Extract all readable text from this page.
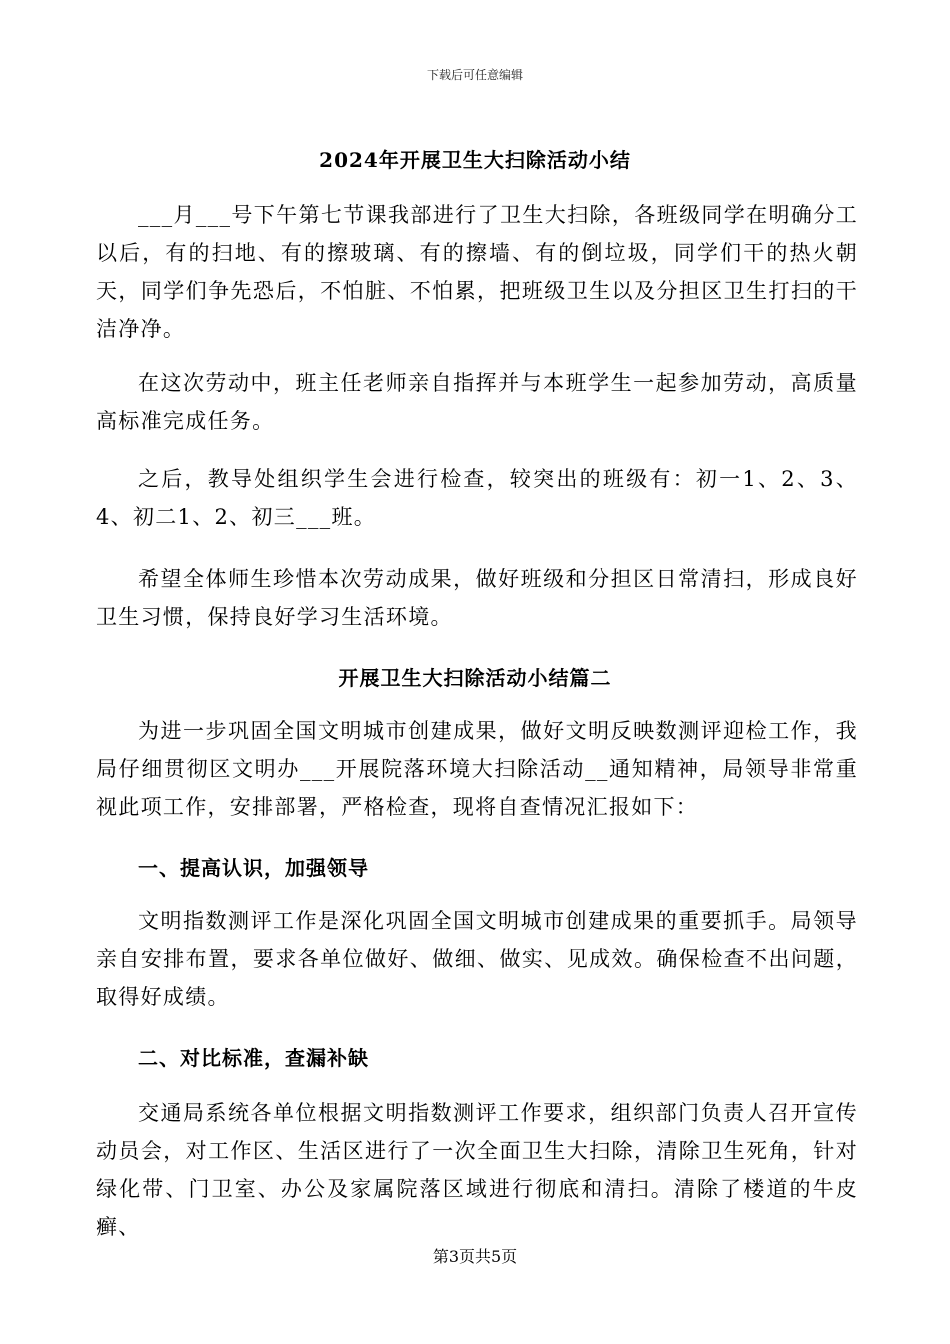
下载后可任意编辑
2024年开展卫生大扫除活动小结

___月___号下午第七节课我部进行了卫生大扫除，各班级同学在明确分工以后，有的扫地、有的擦玻璃、有的擦墙、有的倒垃圾，同学们干的热火朝天，同学们争先恐后，不怕脏、不怕累，把班级卫生以及分担区卫生打扫的干洁净净。

在这次劳动中，班主任老师亲自指挥并与本班学生一起参加劳动，高质量高标准完成任务。

之后，教导处组织学生会进行检查，较突出的班级有：初一1、2、3、4、初二1、2、初三___班。

希望全体师生珍惜本次劳动成果，做好班级和分担区日常清扫，形成良好卫生习惯，保持良好学习生活环境。

开展卫生大扫除活动小结篇二

为进一步巩固全国文明城市创建成果，做好文明反映数测评迎检工作，我局仔细贯彻区文明办___开展院落环境大扫除活动__通知精神，局领导非常重视此项工作，安排部署，严格检查，现将自查情况汇报如下：

一、提高认识，加强领导

文明指数测评工作是深化巩固全国文明城市创建成果的重要抓手。局领导亲自安排布置，要求各单位做好、做细、做实、见成效。确保检查不出问题，取得好成绩。

二、对比标准，查漏补缺

交通局系统各单位根据文明指数测评工作要求，组织部门负责人召开宣传动员会，对工作区、生活区进行了一次全面卫生大扫除，清除卫生死角，针对绿化带、门卫室、办公及家属院落区域进行彻底和清扫。清除了楼道的牛皮癣、

第3页共5页
